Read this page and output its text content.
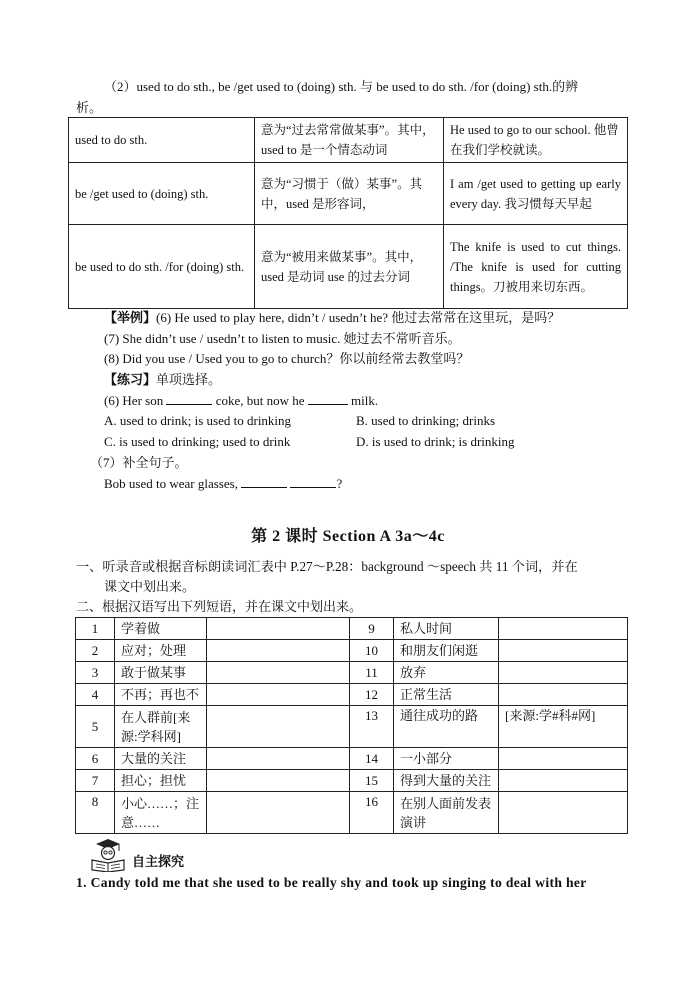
（2）used to do sth., be /get used to (doing) sth. 与 be used to do sth. /for (doing) sth.的辨
析。
used to do sth.	意为“过去常常做某事”。其中，used to 是一个情态动词	He used to go to our school. 他曾在我们学校就读。
be /get used to (doing) sth.	意为“习惯于（做）某事”。其中，used 是形容词，	I am /get used to getting up early every day. 我习惯每天早起
be used to do sth. /for (doing) sth.	意为“被用来做某事”。其中，used 是动词 use 的过去分词	The knife is used to cut things. /The knife is used for cutting things。刀被用来切东西。
【举例】(6) He used to play here, didn’t / usedn’t he? 他过去常常在这里玩，是吗？
(7) She didn’t use / usedn’t to listen to music. 她过去不常听音乐。
(8) Did you use / Used you to go to church？你以前经常去教堂吗？
【练习】单项选择。
(6) Her son	coke, but now he	milk.
A. used to drink; is used to drinking	B. used to drinking; drinks
C. is used to drinking; used to drink	D. is used to drink; is drinking
（7）补全句子。
Bob used to wear glasses,	?
第 2 课时 Section A 3a～4c
一、听录音或根据音标朗读词汇表中 P.27～P.28：background ～speech 共 11 个词，并在
课文中划出来。
二、根据汉语写出下列短语，并在课文中划出来。
1	学着做		9	私人时间	
2	应对；处理		10	和朋友们闲逛	
3	敢于做某事		11	放弃	
4	不再；再也不		12	正常生活	
5	在人群前[来源:学科网]		13	通往成功的路	[来源:学#科#网]
6	大量的关注		14	一小部分	
7	担心；担忧		15	得到大量的关注	
8	小心……；注意……		16	在别人面前发表演讲	
自主探究
1. Candy told me that she used to be really shy and took up singing to deal with her
